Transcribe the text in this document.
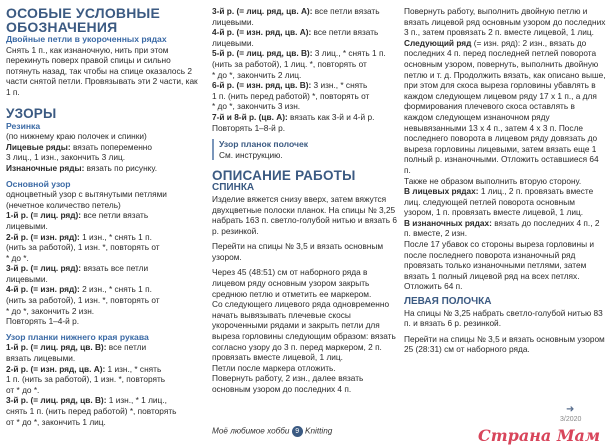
ОСОБЫЕ УСЛОВНЫЕ ОБОЗНАЧЕНИЯ

Двойные петли в укороченных рядах

Снять 1 п., как изнаночную, нить при этом перекинуть поверх правой спицы и сильно потянуть назад, так чтобы на спице оказалось 2 части снятой петли. Провязывать эти 2 части, как 1 п.

УЗОРЫ

Резинка

(по нижнему краю полочек и спинки)

Лицевые ряды: вязать попеременно

3 лиц., 1 изн., закончить 3 лиц.

Изнаночные ряды: вязать по рисунку.

Основной узор

одноцветный узор с вытянутыми петлями

(нечетное количество петель)

1-й р. (= лиц. ряд): все петли вязать

лицевыми.

2-й р. (= изн. ряд): 1 изн., * снять 1 п.

(нить за работой), 1 изн. *, повторять от

* до *.

3-й р. (= лиц. ряд): вязать все петли

лицевыми.

4-й р. (= изн. ряд): 2 изн., * снять 1 п.

(нить за работой), 1 изн. *, повторять от

* до *, закончить 2 изн.

Повторять 1–4-й р.

Узор планки нижнего края рукава

1-й р. (= лиц. ряд, цв. В): все петли

вязать лицевыми.

2-й р. (= изн. ряд, цв. А): 1 изн., * снять

1 п. (нить за работой), 1 изн. *, повторять

от * до *.

3-й р. (= лиц. ряд, цв. В): 1 изн., * 1 лиц.,

снять 1 п. (нить перед работой) *, повторять

от * до *, закончить 1 лиц.

3-й р. (= лиц. ряд, цв. А): все петли вязать

лицевыми.

4-й р. (= изн. ряд, цв. А): все петли вязать

лицевыми.

5-й р. (= лиц. ряд, цв. В): 3 лиц., * снять 1 п.

(нить за работой), 1 лиц. *, повторять от

* до *, закончить 2 лиц.

6-й р. (= изн. ряд, цв. В): 3 изн., * снять

1 п. (нить перед работой) *, повторять от

* до *, закончить 3 изн.

7-й и 8-й р. (цв. А): вязать как 3-й и 4-й р.

Повторять 1–8-й р.

Узор планок полочек

См. инструкцию.

ОПИСАНИЕ РАБОТЫ

СПИНКА

Изделие вяжется снизу вверх, затем вяжутся двухцветные полоски планок. На спицы № 3,25 набрать 163 п. светло-голубой нитью и вязать 6 р. резинкой.

Перейти на спицы № 3,5 и вязать основным узором.

Через 45 (48:51) см от наборного ряда в лицевом ряду основным узором закрыть среднюю петлю и отметить ее маркером.

Со следующего лицевого ряда одновременно начать вывязывать плечевые скосы укороченными рядами и закрыть петли для выреза горловины следующим образом: вязать согласно узору до 3 п. перед маркером, 2 п. провязать вместе лицевой, 1 лиц.

Петли после маркера отложить.

Повернуть работу, 2 изн., далее вязать основным узором до последних 4 п.

Повернуть работу, выполнить двойную петлю и вязать лицевой ряд основным узором до последних 3 п., затем провязать 2 п. вместе лицевой, 1 лиц.

Следующий ряд (= изн. ряд): 2 изн., вязать до последних 4 п. перед последней петлей поворота основным узором, повернуть, выполнить двойную петлю и т. д. Продолжить вязать, как описано выше, при этом для скоса выреза горловины убавлять в каждом следующем лицевом ряду 17 х 1 п., а для формирования плечевого скоса оставлять в каждом следующем изнаночном ряду невывязанными 13 х 4 п., затем 4 х 3 п. После последнего поворота в лицевом ряду довязать до выреза горловины лицевыми, затем вязать еще 1 полный р. изнаночными. Отложить оставшиеся 64 п.

Также не образом выполнить вторую сторону.

В лицевых рядах: 1 лиц., 2 п. провязать вместе лиц. следующей петлей поворота основным узором, 1 п. провязать вместе лицевой, 1 лиц.

В изнаночных рядах: вязать до последних 4 п., 2 п. вместе, 2 изн.

После 17 убавок со стороны выреза горловины и после последнего поворота изнаночный ряд провязать только изнаночными петлями, затем вязать 1 полный лицевой ряд на всех петлях.

Отложить 64 п.

ЛЕВАЯ ПОЛОЧКА

На спицы № 3,25 набрать светло-голубой нитью 83 п. и вязать 6 р. резинкой.

Перейти на спицы № 3,5 и вязать основным узором 25 (28:31) см от наборного ряда.

➜
3/2020
Моё любимое хобби 9 Knitting	Страна Мам
